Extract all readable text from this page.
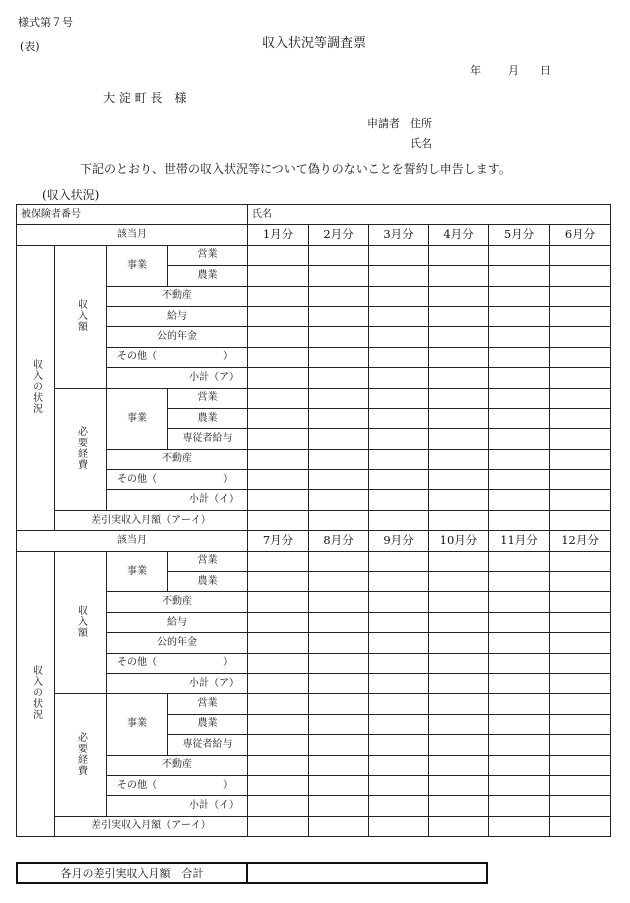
様式第７号
(表)	収入状況等調査票
年 月 日
大 淀 町 長　様
申請者 住所
氏名
下記のとおり、世帯の収入状況等について偽りのないことを誓約し申告します。
(収入状況)
被保険者番号				氏名					
該当月				1月分	2月分	3月分	4月分	5月分	6月分
収入の状況	収入額	事業	営業						
			農業						
		不動産							
		給与							
		公的年金							

		その他（ ）							

		小計（ア）							
	必要経費	事業	営業						
			農業						
			専従者給与						
		不動産							

		その他（ ）							

		小計（イ）							
	差引実収入月額（アーイ）								
該当月				7月分	8月分	9月分	10月分	11月分	12月分
収入の状況	収入額	事業	営業						
			農業						
		不動産							
		給与							
		公的年金							

		その他（ ）							

		小計（ア）							
	必要経費	事業	営業						
			農業						
			専従者給与						
		不動産							

		その他（ ）							

		小計（イ）							
	差引実収入月額（アーイ）								
各月の差引実収入月額　合計
